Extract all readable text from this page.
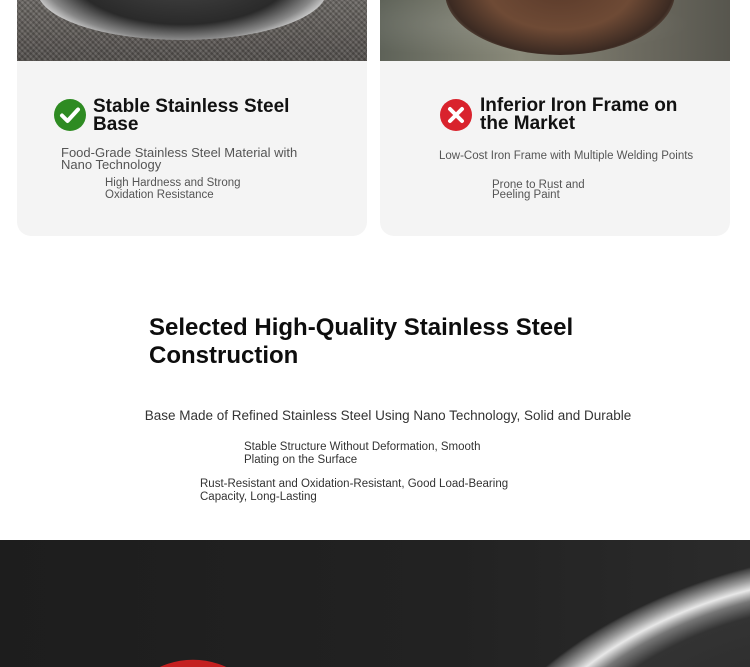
Stable Stainless Steel Base

Food-Grade Stainless Steel Material with Nano Technology

High Hardness and Strong Oxidation Resistance

Inferior Iron Frame on the Market

Low-Cost Iron Frame with Multiple Welding Points

Prone to Rust and Peeling Paint

Selected High-Quality Stainless Steel Construction

Base Made of Refined Stainless Steel Using Nano Technology, Solid and Durable

Stable Structure Without Deformation, Smooth Plating on the Surface

Rust-Resistant and Oxidation-Resistant, Good Load-Bearing Capacity, Long-Lasting
